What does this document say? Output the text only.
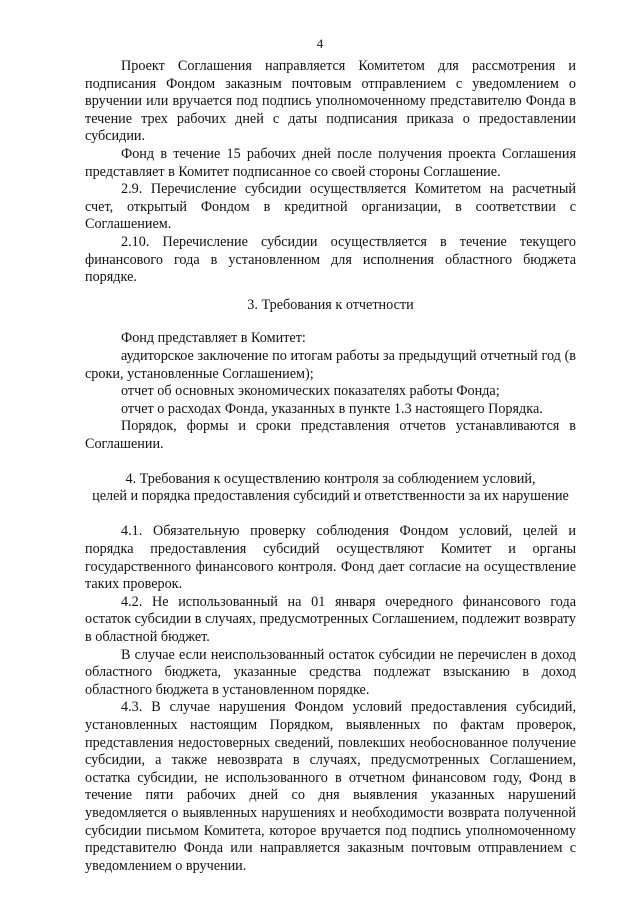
4

Проект Соглашения направляется Комитетом для рассмотрения и подписания Фондом заказным почтовым отправлением с уведомлением о вручении или вручается под подпись уполномоченному представителю Фонда в течение трех рабочих дней с даты подписания приказа о предоставлении субсидии.

Фонд в течение 15 рабочих дней после получения проекта Соглашения представляет в Комитет подписанное со своей стороны Соглашение.

2.9. Перечисление субсидии осуществляется Комитетом на расчетный счет, открытый Фондом в кредитной организации, в соответствии с Соглашением.

2.10. Перечисление субсидии осуществляется в течение текущего финансового года в установленном для исполнения областного бюджета порядке.

3. Требования к отчетности

Фонд представляет в Комитет:

аудиторское заключение по итогам работы за предыдущий отчетный год (в сроки, установленные Соглашением);

отчет об основных экономических показателях работы Фонда;

отчет о расходах Фонда, указанных в пункте 1.3 настоящего Порядка.

Порядок, формы и сроки представления отчетов устанавливаются в Соглашении.

4. Требования к осуществлению контроля за соблюдением условий,
целей и порядка предоставления субсидий и ответственности за их нарушение

4.1. Обязательную проверку соблюдения Фондом условий, целей и порядка предоставления субсидий осуществляют Комитет и органы государственного финансового контроля. Фонд дает согласие на осуществление таких проверок.

4.2. Не использованный на 01 января очередного финансового года остаток субсидии в случаях, предусмотренных Соглашением, подлежит возврату в областной бюджет.

В случае если неиспользованный остаток субсидии не перечислен в доход областного бюджета, указанные средства подлежат взысканию в доход областного бюджета в установленном порядке.

4.3. В случае нарушения Фондом условий предоставления субсидий, установленных настоящим Порядком, выявленных по фактам проверок, представления недостоверных сведений, повлекших необоснованное получение субсидии, а также невозврата в случаях, предусмотренных Соглашением, остатка субсидии, не использованного в отчетном финансовом году, Фонд в течение пяти рабочих дней со дня выявления указанных нарушений уведомляется о выявленных нарушениях и необходимости возврата полученной субсидии письмом Комитета, которое вручается под подпись уполномоченному представителю Фонда или направляется заказным почтовым отправлением с уведомлением о вручении.
